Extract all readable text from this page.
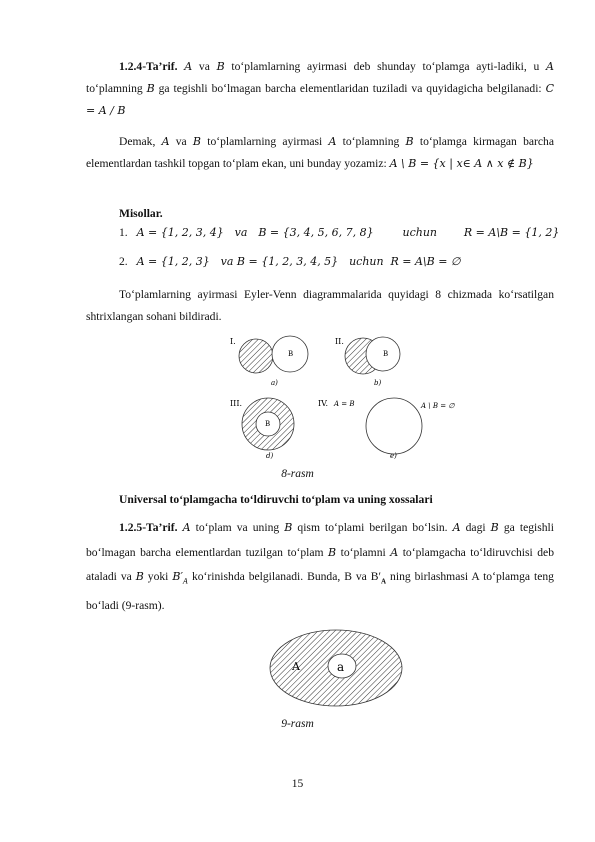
1.2.4-Ta’rif. A va B to‘plamlarning ayirmasi deb shunday to‘plamga ayti-ladiki, u A to‘plamning B ga tegishli bo‘lmagan barcha elementlaridan tuziladi va quyidagicha belgilanadi: C = A / B
Demak, A va B to‘plamlarning ayirmasi A to‘plamning B to‘plamga kirmagan barcha elementlardan tashkil topgan to‘plam ekan, uni bunday yozamiz: A \ B = {x | x∈ A ∧ x ∉ B}
Misollar.
1. A = {1, 2, 3, 4} va B = {3, 4, 5, 6, 7, 8}	uchun R = A\B = {1, 2}
2. A = {1, 2, 3} va B = {1, 2, 3, 4, 5} uchun R = A\B = ∅
To‘plamlarning ayirmasi Eyler-Venn diagrammalarida quyidagi 8 chizmada ko‘rsatilgan shtrixlangan sohani bildiradi.
I.
B
a)
II.
B
b)
III.
B
d)
IV. A = B	A \ B = ∅
e)
8-rasm
Universal to‘plamgacha to‘ldiruvchi to‘plam va uning xossalari
1.2.5-Ta’rif. A to‘plam va uning B qism to‘plami berilgan bo‘lsin. A dagi B ga tegishli bo‘lmagan barcha elementlardan tuzilgan to‘plam B to‘plamni A to‘plamgacha to‘ldiruvchisi deb ataladi va B yoki $B'_A$ ko‘rinishda belgilanadi. Bunda, B va $B'_A$ ning birlashmasi A to‘plamga teng bo‘ladi (9-rasm).
A	a
9-rasm
15
